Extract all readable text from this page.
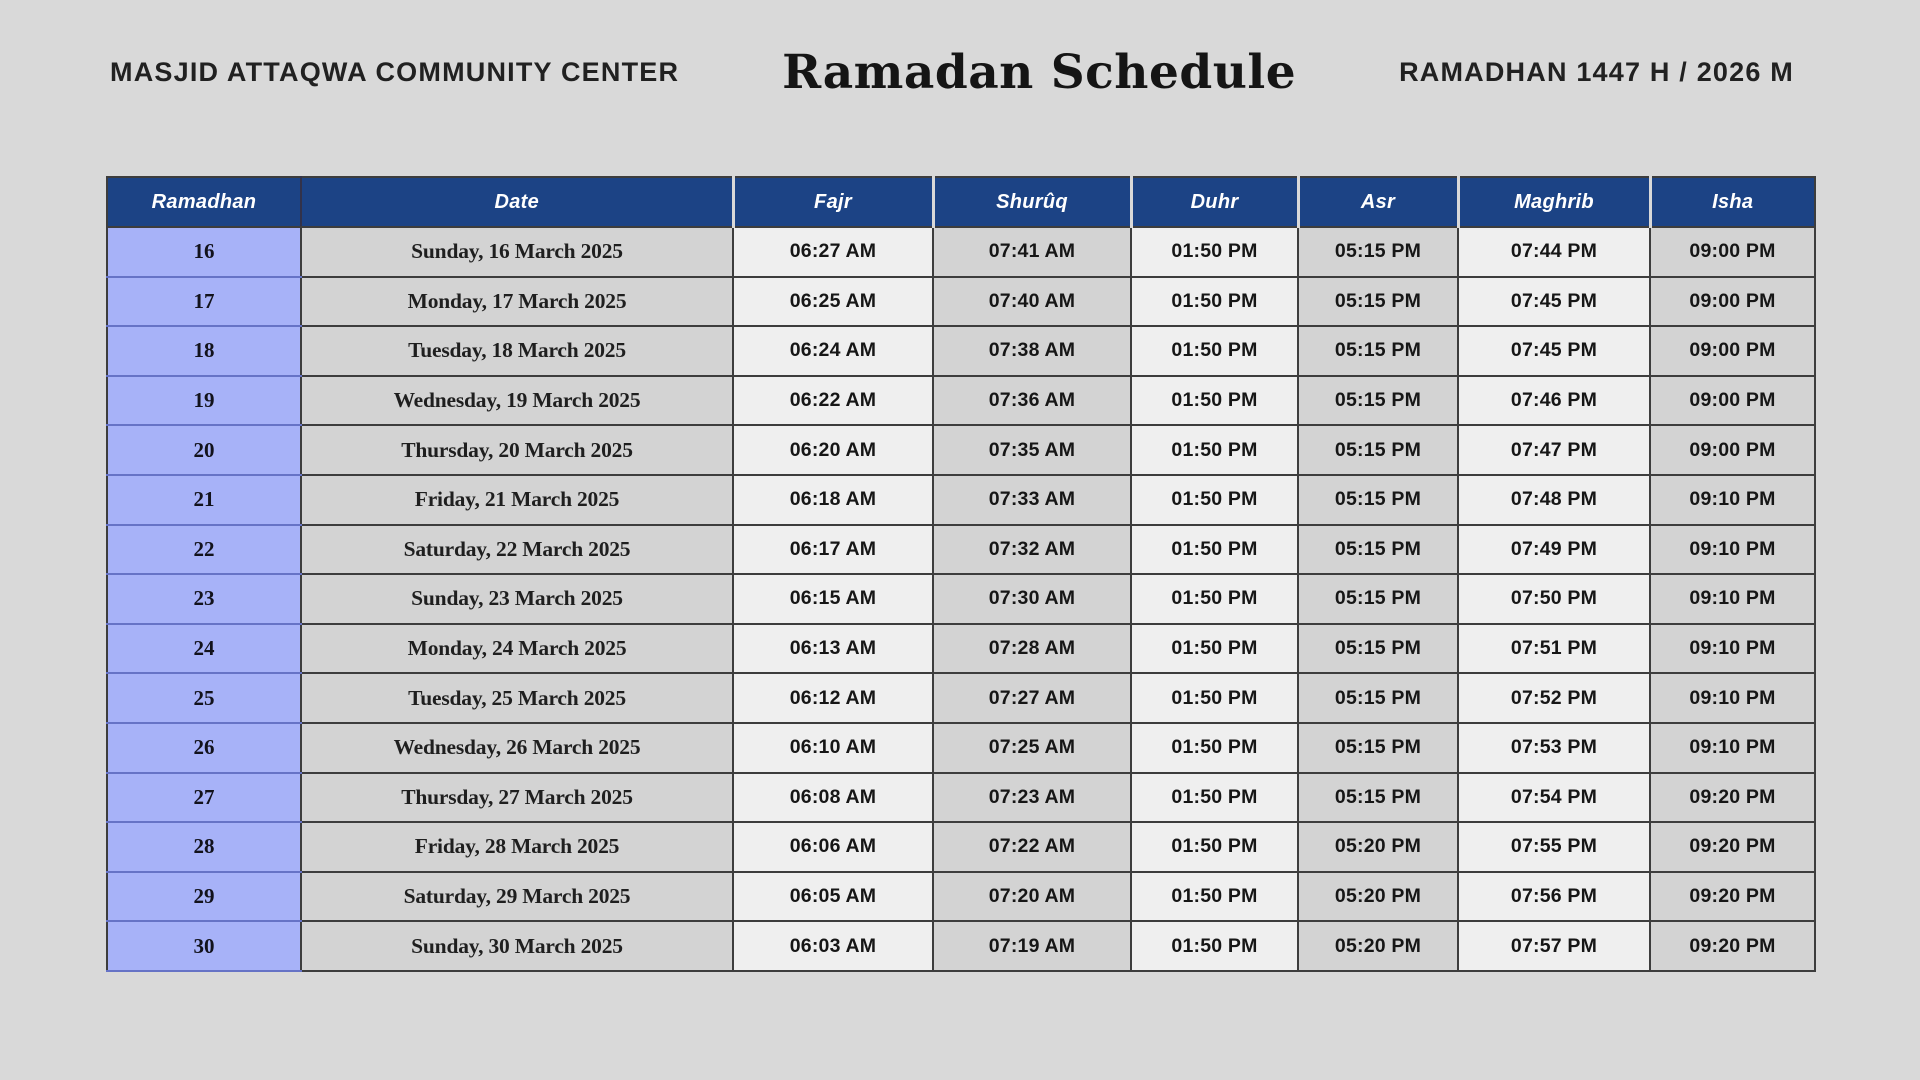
MASJID ATTAQWA COMMUNITY CENTER Ramadan Schedule	RAMADHAN 1447 H / 2026 M
Ramadhan	Date	Fajr	Shurûq	Duhr	Asr	Maghrib	Isha
16	Sunday, 16 March 2025	06:27 AM	07:41 AM	01:50 PM	05:15 PM	07:44 PM	09:00 PM
17	Monday, 17 March 2025	06:25 AM	07:40 AM	01:50 PM	05:15 PM	07:45 PM	09:00 PM
18	Tuesday, 18 March 2025	06:24 AM	07:38 AM	01:50 PM	05:15 PM	07:45 PM	09:00 PM
19	Wednesday, 19 March 2025	06:22 AM	07:36 AM	01:50 PM	05:15 PM	07:46 PM	09:00 PM
20	Thursday, 20 March 2025	06:20 AM	07:35 AM	01:50 PM	05:15 PM	07:47 PM	09:00 PM
21	Friday, 21 March 2025	06:18 AM	07:33 AM	01:50 PM	05:15 PM	07:48 PM	09:10 PM
22	Saturday, 22 March 2025	06:17 AM	07:32 AM	01:50 PM	05:15 PM	07:49 PM	09:10 PM
23	Sunday, 23 March 2025	06:15 AM	07:30 AM	01:50 PM	05:15 PM	07:50 PM	09:10 PM
24	Monday, 24 March 2025	06:13 AM	07:28 AM	01:50 PM	05:15 PM	07:51 PM	09:10 PM
25	Tuesday, 25 March 2025	06:12 AM	07:27 AM	01:50 PM	05:15 PM	07:52 PM	09:10 PM
26	Wednesday, 26 March 2025	06:10 AM	07:25 AM	01:50 PM	05:15 PM	07:53 PM	09:10 PM
27	Thursday, 27 March 2025	06:08 AM	07:23 AM	01:50 PM	05:15 PM	07:54 PM	09:20 PM
28	Friday, 28 March 2025	06:06 AM	07:22 AM	01:50 PM	05:20 PM	07:55 PM	09:20 PM
29	Saturday, 29 March 2025	06:05 AM	07:20 AM	01:50 PM	05:20 PM	07:56 PM	09:20 PM
30	Sunday, 30 March 2025	06:03 AM	07:19 AM	01:50 PM	05:20 PM	07:57 PM	09:20 PM
